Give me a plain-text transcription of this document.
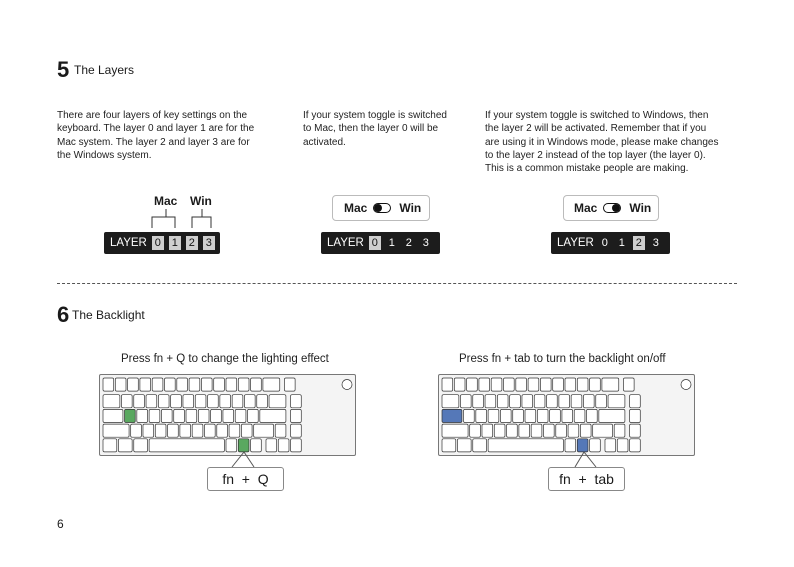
5 The Layers
There are four layers of key settings on the
keyboard. The layer 0 and layer 1 are for the
Mac system. The layer 2 and layer 3 are for
the Windows system.
If your system toggle is switched
to Mac, then the layer 0 will be
activated.
If your system toggle is switched to Windows, then
the layer 2 will be activated. Remember that if you
are using it in Windows mode, please make changes
to the layer 2 instead of the top layer (the layer 0).
This is a common mistake people are making.
Mac Win
LAYER 0 1 2 3
Mac	Win
LAYER 0 1 2 3
Mac	Win
LAYER 0 1 2 3
6 The Backlight
Press fn + Q to change the lighting effect	Press fn + tab to turn the backlight on/off
fn  +  Q	fn  +  tab
6
